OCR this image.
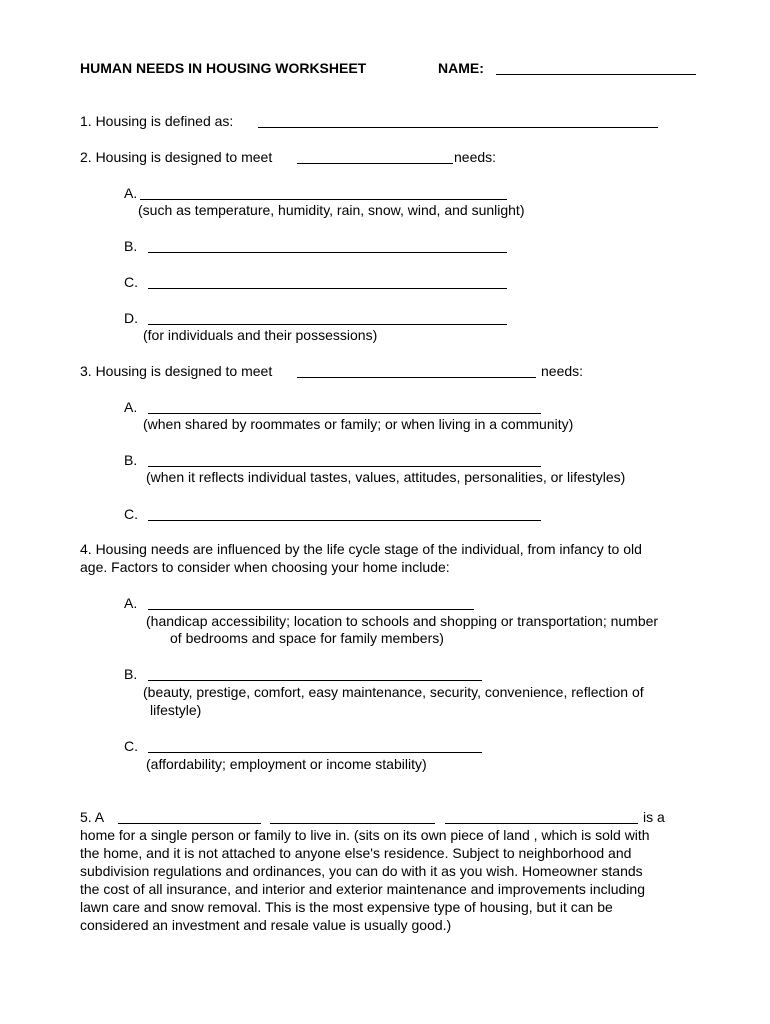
HUMAN NEEDS IN HOUSING WORKSHEET	NAME:
1. Housing is defined as:
2. Housing is designed to meet	needs:
A.
(such as temperature, humidity, rain, snow, wind, and sunlight)
B.
C.
D.
(for individuals and their possessions)
3. Housing is designed to meet	needs:
A.
(when shared by roommates or family; or when living in a community)
B.
(when it reflects individual tastes, values, attitudes, personalities, or lifestyles)
C.
4. Housing needs are influenced by the life cycle stage of the individual, from infancy to old
age. Factors to consider when choosing your home include:
A.
(handicap accessibility; location to schools and shopping or transportation; number
of bedrooms and space for family members)
B.
(beauty, prestige, comfort, easy maintenance, security, convenience, reflection of
lifestyle)
C.
(affordability; employment or income stability)
5. A	is a
home for a single person or family to live in. (sits on its own piece of land , which is sold with
the home, and it is not attached to anyone else's residence. Subject to neighborhood and
subdivision regulations and ordinances, you can do with it as you wish. Homeowner stands
the cost of all insurance, and interior and exterior maintenance and improvements including
lawn care and snow removal. This is the most expensive type of housing, but it can be
considered an investment and resale value is usually good.)
